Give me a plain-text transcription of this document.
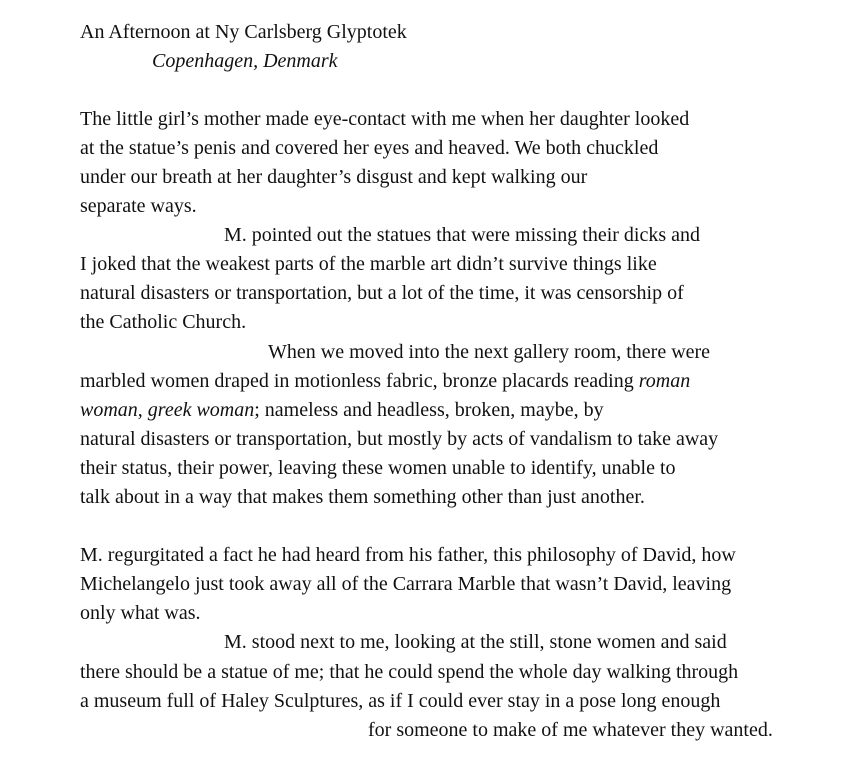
An Afternoon at Ny Carlsberg Glyptotek
Copenhagen, Denmark
The little girl’s mother made eye-contact with me when her daughter looked
at the statue’s penis and covered her eyes and heaved. We both chuckled
under our breath at her daughter’s disgust and kept walking our
separate ways.
M. pointed out the statues that were missing their dicks and
I joked that the weakest parts of the marble art didn’t survive things like
natural disasters or transportation, but a lot of the time, it was censorship of
the Catholic Church.
When we moved into the next gallery room, there were
marbled women draped in motionless fabric, bronze placards reading roman
woman, greek woman; nameless and headless, broken, maybe, by
natural disasters or transportation, but mostly by acts of vandalism to take away
their status, their power, leaving these women unable to identify, unable to
talk about in a way that makes them something other than just another.
M. regurgitated a fact he had heard from his father, this philosophy of David, how
Michelangelo just took away all of the Carrara Marble that wasn’t David, leaving
only what was.
M. stood next to me, looking at the still, stone women and said
there should be a statue of me; that he could spend the whole day walking through
a museum full of Haley Sculptures, as if I could ever stay in a pose long enough
for someone to make of me whatever they wanted.
